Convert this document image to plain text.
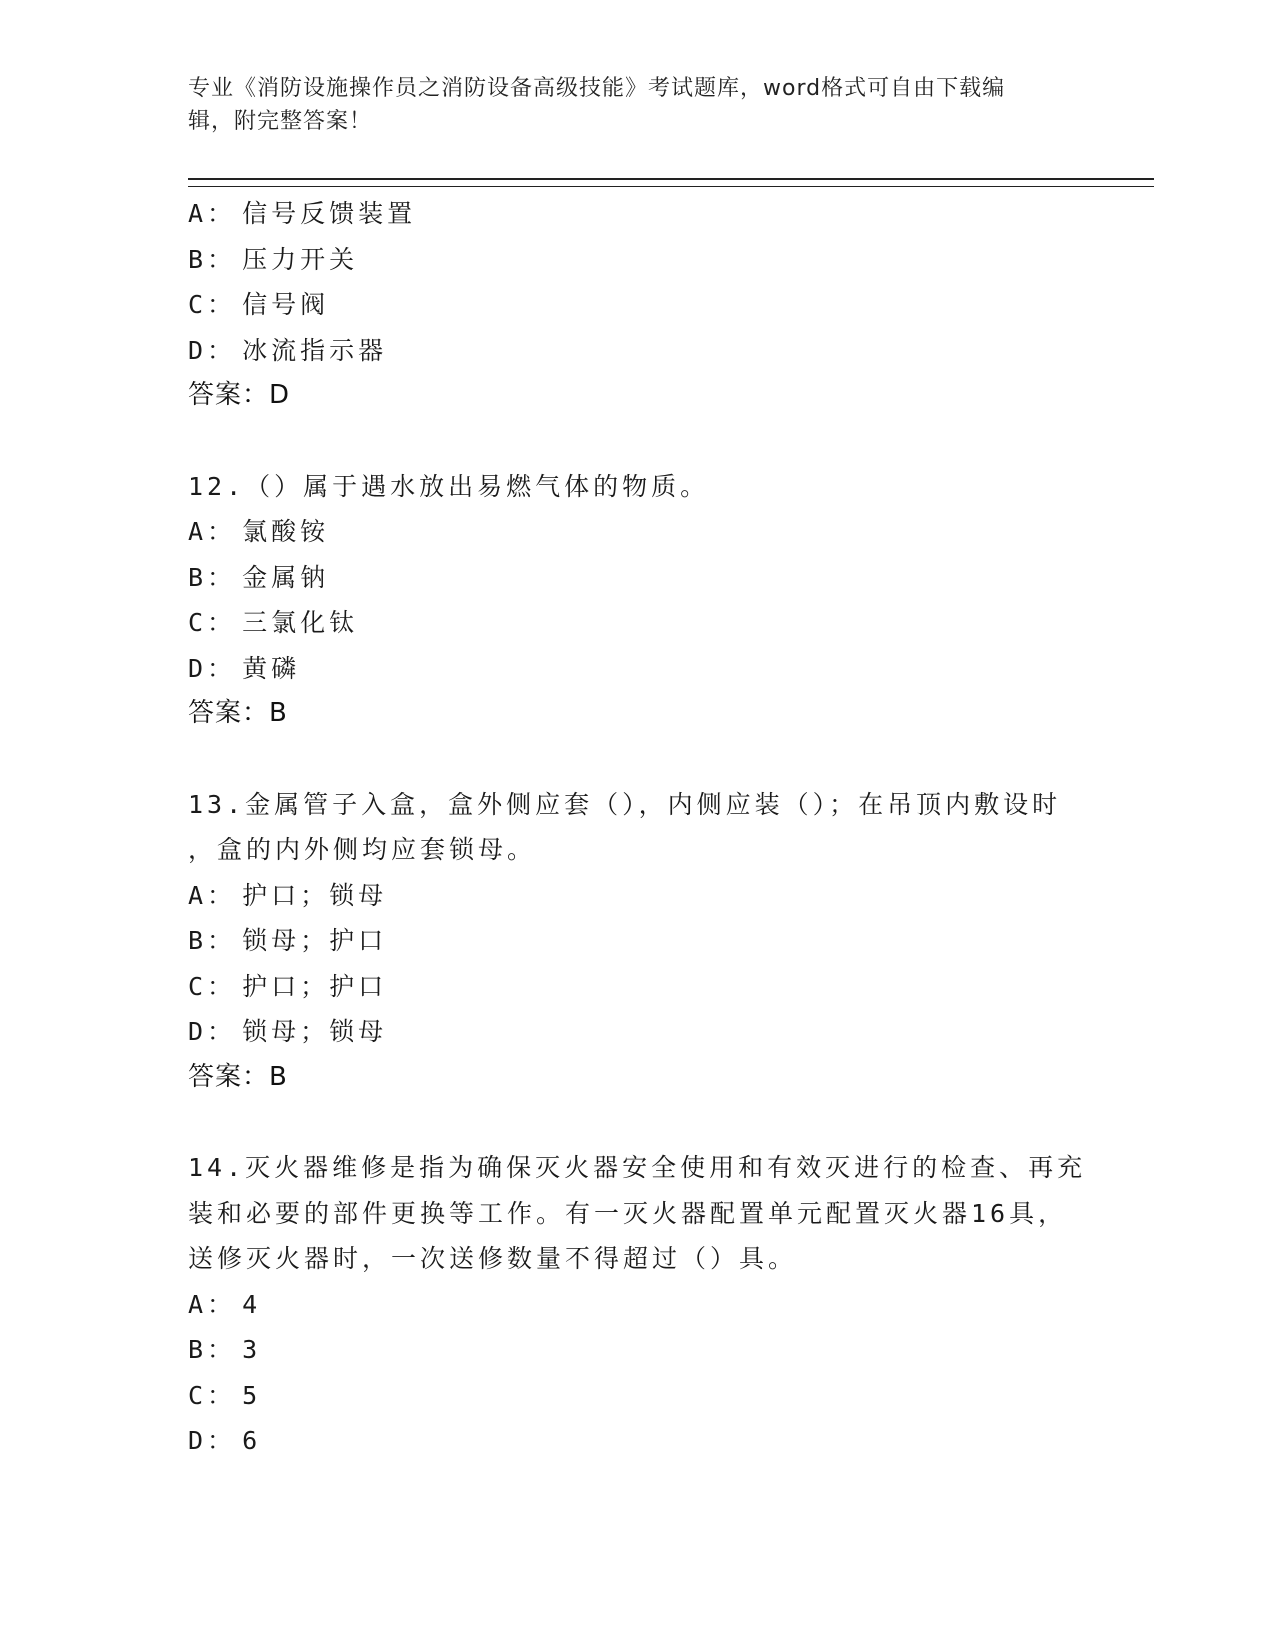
专业《消防设施操作员之消防设备高级技能》考试题库，word格式可自由下载编
辑，附完整答案！
A： 信号反馈装置
B： 压力开关
C： 信号阀
D： 冰流指示器
答案：D
12.（）属于遇水放出易燃气体的物质。
A： 氯酸铵
B： 金属钠
C： 三氯化钛
D： 黄磷
答案：B
13.金属管子入盒，盒外侧应套（），内侧应装（）；在吊顶内敷设时
，盒的内外侧均应套锁母。
A： 护口；锁母
B： 锁母；护口
C： 护口；护口
D： 锁母；锁母
答案：B
14.灭火器维修是指为确保灭火器安全使用和有效灭进行的检查、再充
装和必要的部件更换等工作。有一灭火器配置单元配置灭火器16具，
送修灭火器时，一次送修数量不得超过（）具。
A： 4
B： 3
C： 5
D： 6
